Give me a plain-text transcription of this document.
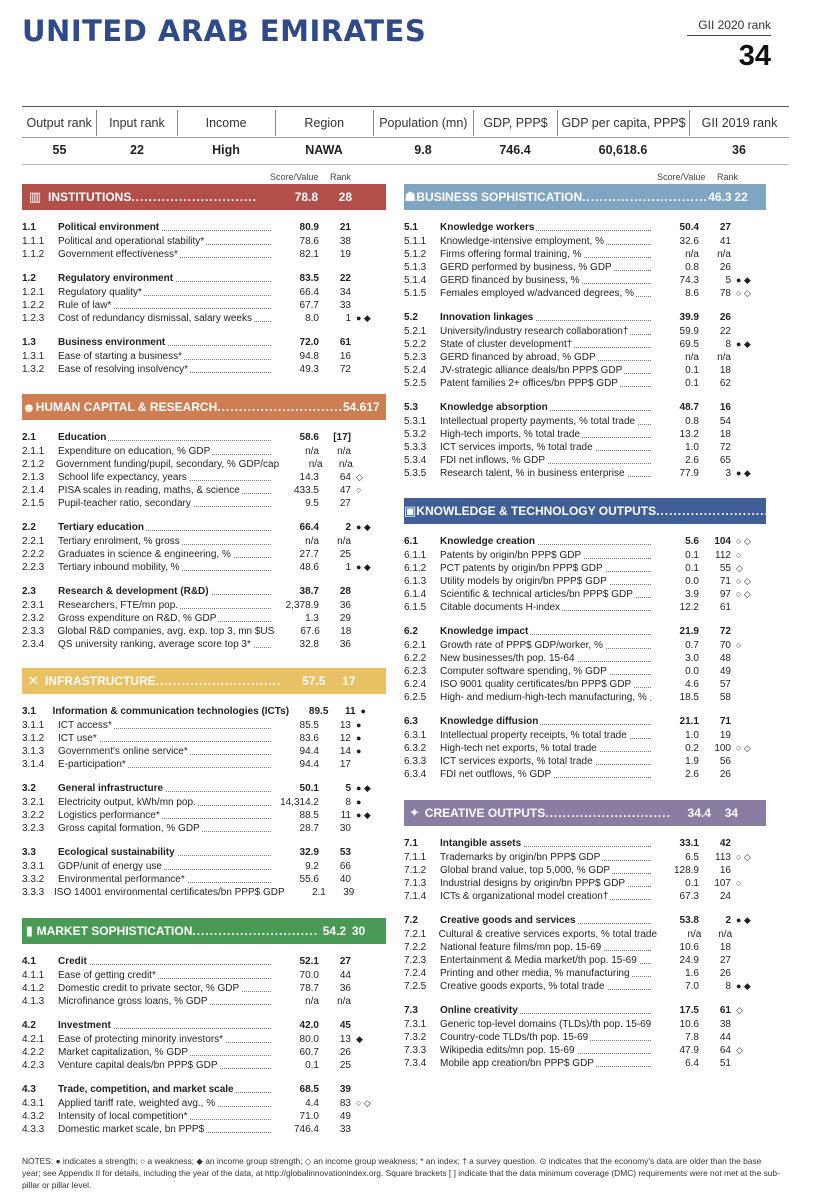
UNITED ARAB EMIRATES	GII 2020 rank
34
Output rank	Input rank	Income	Region	Population (mn)	GDP, PPP$	GDP per capita, PPP$	GII 2019 rank
55	22	High	NAWA	9.8	746.4	60,618.6	36
Score/Value Rank	Score/Value Rank
▥ INSTITUTIONS.............................	78.8	28
1.1	Political environment	80.9	21
1.1.1	Political and operational stability*	78.6	38
1.1.2	Government effectiveness*	82.1	19
1.2	Regulatory environment	83.5	22
1.2.1	Regulatory quality*	66.4	34
1.2.2	Rule of law*	67.7	33
1.2.3	Cost of redundancy dismissal, salary weeks	8.0	1 ● ◆
1.3	Business environment	72.0	61
1.3.1	Ease of starting a business*	94.8	16
1.3.2	Ease of resolving insolvency*	49.3	72
☻ HUMAN CAPITAL & RESEARCH............................. 54.6 17
2.1	Education	58.6	[17]
2.1.1	Expenditure on education, % GDP	n/a	n/a
2.1.2	Government funding/pupil, secondary, % GDP/cap	n/a	n/a
2.1.3	School life expectancy, years	14.3	64 ◇
2.1.4	PISA scales in reading, maths, & science	433.5	47 ○
2.1.5	Pupil-teacher ratio, secondary	9.5	27
2.2	Tertiary education	66.4	2 ● ◆
2.2.1	Tertiary enrolment, % gross	n/a	n/a
2.2.2	Graduates in science & engineering, %	27.7	25
2.2.3	Tertiary inbound mobility, %	48.6	1 ● ◆
2.3	Research & development (R&D)	38.7	28
2.3.1	Researchers, FTE/mn pop.	2,378.9	36
2.3.2	Gross expenditure on R&D, % GDP	1.3	29
2.3.3	Global R&D companies, avg. exp. top 3, mn $US	67.6	18
2.3.4	QS university ranking, average score top 3*	32.8	36
✕ INFRASTRUCTURE.............................	57.5	17
3.1	Information & communication technologies (ICTs)	89.5	11 ●
3.1.1	ICT access*	85.5	13 ●
3.1.2	ICT use*	83.6	12 ●
3.1.3	Government's online service*	94.4	14 ●
3.1.4	E-participation*	94.4	17
3.2	General infrastructure	50.1	5 ● ◆
3.2.1	Electricity output, kWh/mn pop.	14,314.2	8 ●
3.2.2	Logistics performance*	88.5	11 ● ◆
3.2.3	Gross capital formation, % GDP	28.7	30
3.3	Ecological sustainability	32.9	53
3.3.1	GDP/unit of energy use	9.2	66
3.3.2	Environmental performance*	55.6	40
3.3.3 ISO 14001 environmental certificates/bn PPP$ GDP	2.1	39
▮ MARKET SOPHISTICATION............................. 54.2 30
4.1	Credit	52.1	27
4.1.1	Ease of getting credit*	70.0	44
4.1.2	Domestic credit to private sector, % GDP	78.7	36
4.1.3	Microfinance gross loans, % GDP	n/a	n/a
4.2	Investment	42.0	45
4.2.1	Ease of protecting minority investors*	80.0	13 ◆
4.2.2	Market capitalization, % GDP	60.7	26
4.2.3	Venture capital deals/bn PPP$ GDP	0.1	25
4.3	Trade, competition, and market scale	68.5	39
4.3.1	Applied tariff rate, weighted avg., %	4.4	83 ○ ◇
4.3.2	Intensity of local competition*	71.0	49
4.3.3	Domestic market scale, bn PPP$	746.4	33
☗ BUSINESS SOPHISTICATION............................. 46.3 22
5.1	Knowledge workers	50.4	27
5.1.1	Knowledge-intensive employment, %	32.6	41
5.1.2	Firms offering formal training, %	n/a	n/a
5.1.3	GERD performed by business, % GDP	0.8	26
5.1.4	GERD financed by business, %	74.3	5 ● ◆
5.1.5	Females employed w/advanced degrees, %	8.6	78 ○ ◇
5.2	Innovation linkages	39.9	26
5.2.1	University/industry research collaboration†	59.9	22
5.2.2	State of cluster development†	69.5	8 ● ◆
5.2.3	GERD financed by abroad, % GDP	n/a	n/a
5.2.4	JV-strategic alliance deals/bn PPP$ GDP	0.1	18
5.2.5	Patent families 2+ offices/bn PPP$ GDP	0.1	62
5.3	Knowledge absorption	48.7	16
5.3.1	Intellectual property payments, % total trade	0.8	54
5.3.2	High-tech imports, % total trade	13.2	18
5.3.3	ICT services imports, % total trade	1.0	72
5.3.4	FDI net inflows, % GDP	2.6	65
5.3.5	Research talent, % in business enterprise	77.9	3 ● ◆
▣ KNOWLEDGE & TECHNOLOGY OUTPUTS............................. 16.2 78 ○ ◇
6.1	Knowledge creation	5.6	104 ○ ◇
6.1.1	Patents by origin/bn PPP$ GDP	0.1	112 ○
6.1.2	PCT patents by origin/bn PPP$ GDP	0.1	55 ◇
6.1.3	Utility models by origin/bn PPP$ GDP	0.0	71 ○ ◇
6.1.4	Scientific & technical articles/bn PPP$ GDP	3.9	97 ○ ◇
6.1.5	Citable documents H-index	12.2	61
6.2	Knowledge impact	21.9	72
6.2.1	Growth rate of PPP$ GDP/worker, %	0.7	70 ○
6.2.2	New businesses/th pop. 15-64	3.0	48
6.2.3	Computer software spending, % GDP	0.0	49
6.2.4	ISO 9001 quality certificates/bn PPP$ GDP	4.6	57
6.2.5	High- and medium-high-tech manufacturing, %	18.5	58
6.3	Knowledge diffusion	21.1	71
6.3.1	Intellectual property receipts, % total trade	1.0	19
6.3.2	High-tech net exports, % total trade	0.2	100 ○ ◇
6.3.3	ICT services exports, % total trade	1.9	56
6.3.4	FDI net outflows, % GDP	2.6	26
✦ CREATIVE OUTPUTS.............................	34.4	34
7.1	Intangible assets	33.1	42
7.1.1	Trademarks by origin/bn PPP$ GDP	6.5	113 ○ ◇
7.1.2	Global brand value, top 5,000, % GDP	128.9	16
7.1.3	Industrial designs by origin/bn PPP$ GDP	0.1	107 ○
7.1.4	ICTs & organizational model creation†	67.3	24
7.2	Creative goods and services	53.8	2 ● ◆
7.2.1	Cultural & creative services exports, % total trade	n/a	n/a
7.2.2	National feature films/mn pop. 15-69	10.6	18
7.2.3	Entertainment & Media market/th pop. 15-69	24.9	27
7.2.4	Printing and other media, % manufacturing	1.6	26
7.2.5	Creative goods exports, % total trade	7.0	8 ● ◆
7.3	Online creativity	17.5	61 ◇
7.3.1	Generic top-level domains (TLDs)/th pop. 15-69	10.6	38
7.3.2	Country-code TLDs/th pop. 15-69	7.8	44
7.3.3	Wikipedia edits/mn pop. 15-69	47.9	64 ◇
7.3.4	Mobile app creation/bn PPP$ GDP	6.4	51
NOTES: ● indicates a strength; ○ a weakness; ◆ an income group strength; ◇ an income group weakness; * an index; † a survey question. ⊙ indicates that the economy's data are older than the base year; see Appendix II for details, including the year of the data, at http://globalinnovationindex.org. Square brackets [ ] indicate that the data minimum coverage (DMC) requirements were not met at the sub-pillar or pillar level.
